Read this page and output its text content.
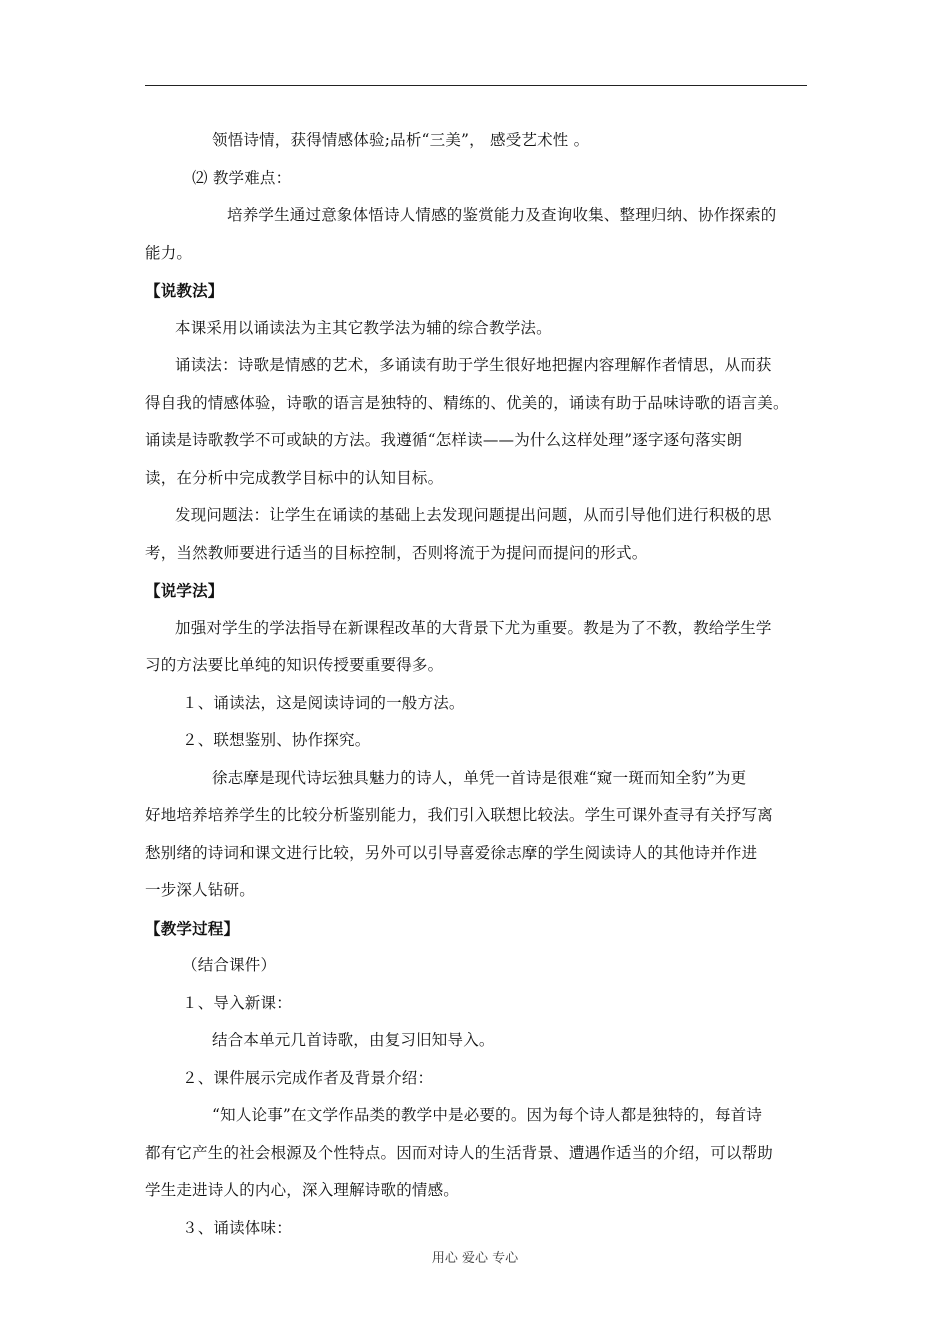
领悟诗情，获得情感体验;品析“三美”， 感受艺术性 。
⑵ 教学难点：
培养学生通过意象体悟诗人情感的鉴赏能力及查询收集、整理归纳、协作探索的
能力。
【说教法】
本课采用以诵读法为主其它教学法为辅的综合教学法。
诵读法：诗歌是情感的艺术，多诵读有助于学生很好地把握内容理解作者情思，从而获
得自我的情感体验，诗歌的语言是独特的、精练的、优美的，诵读有助于品味诗歌的语言美。
诵读是诗歌教学不可或缺的方法。我遵循“怎样读——为什么这样处理”逐字逐句落实朗
读，在分析中完成教学目标中的认知目标。
发现问题法：让学生在诵读的基础上去发现问题提出问题，从而引导他们进行积极的思
考，当然教师要进行适当的目标控制，否则将流于为提问而提问的形式。
【说学法】
加强对学生的学法指导在新课程改革的大背景下尤为重要。教是为了不教，教给学生学
习的方法要比单纯的知识传授要重要得多。
１、诵读法，这是阅读诗词的一般方法。
２、联想鉴别、协作探究。
徐志摩是现代诗坛独具魅力的诗人，单凭一首诗是很难“窥一斑而知全豹”为更
好地培养培养学生的比较分析鉴别能力，我们引入联想比较法。学生可课外查寻有关抒写离
愁别绪的诗词和课文进行比较，另外可以引导喜爱徐志摩的学生阅读诗人的其他诗并作进
一步深人钻研。
【教学过程】
（结合课件）
１、导入新课：
结合本单元几首诗歌，由复习旧知导入。
２、课件展示完成作者及背景介绍：
“知人论事”在文学作品类的教学中是必要的。因为每个诗人都是独特的，每首诗
都有它产生的社会根源及个性特点。因而对诗人的生活背景、遭遇作适当的介绍，可以帮助
学生走进诗人的内心，深入理解诗歌的情感。
３、诵读体味：
用心 爱心 专心
